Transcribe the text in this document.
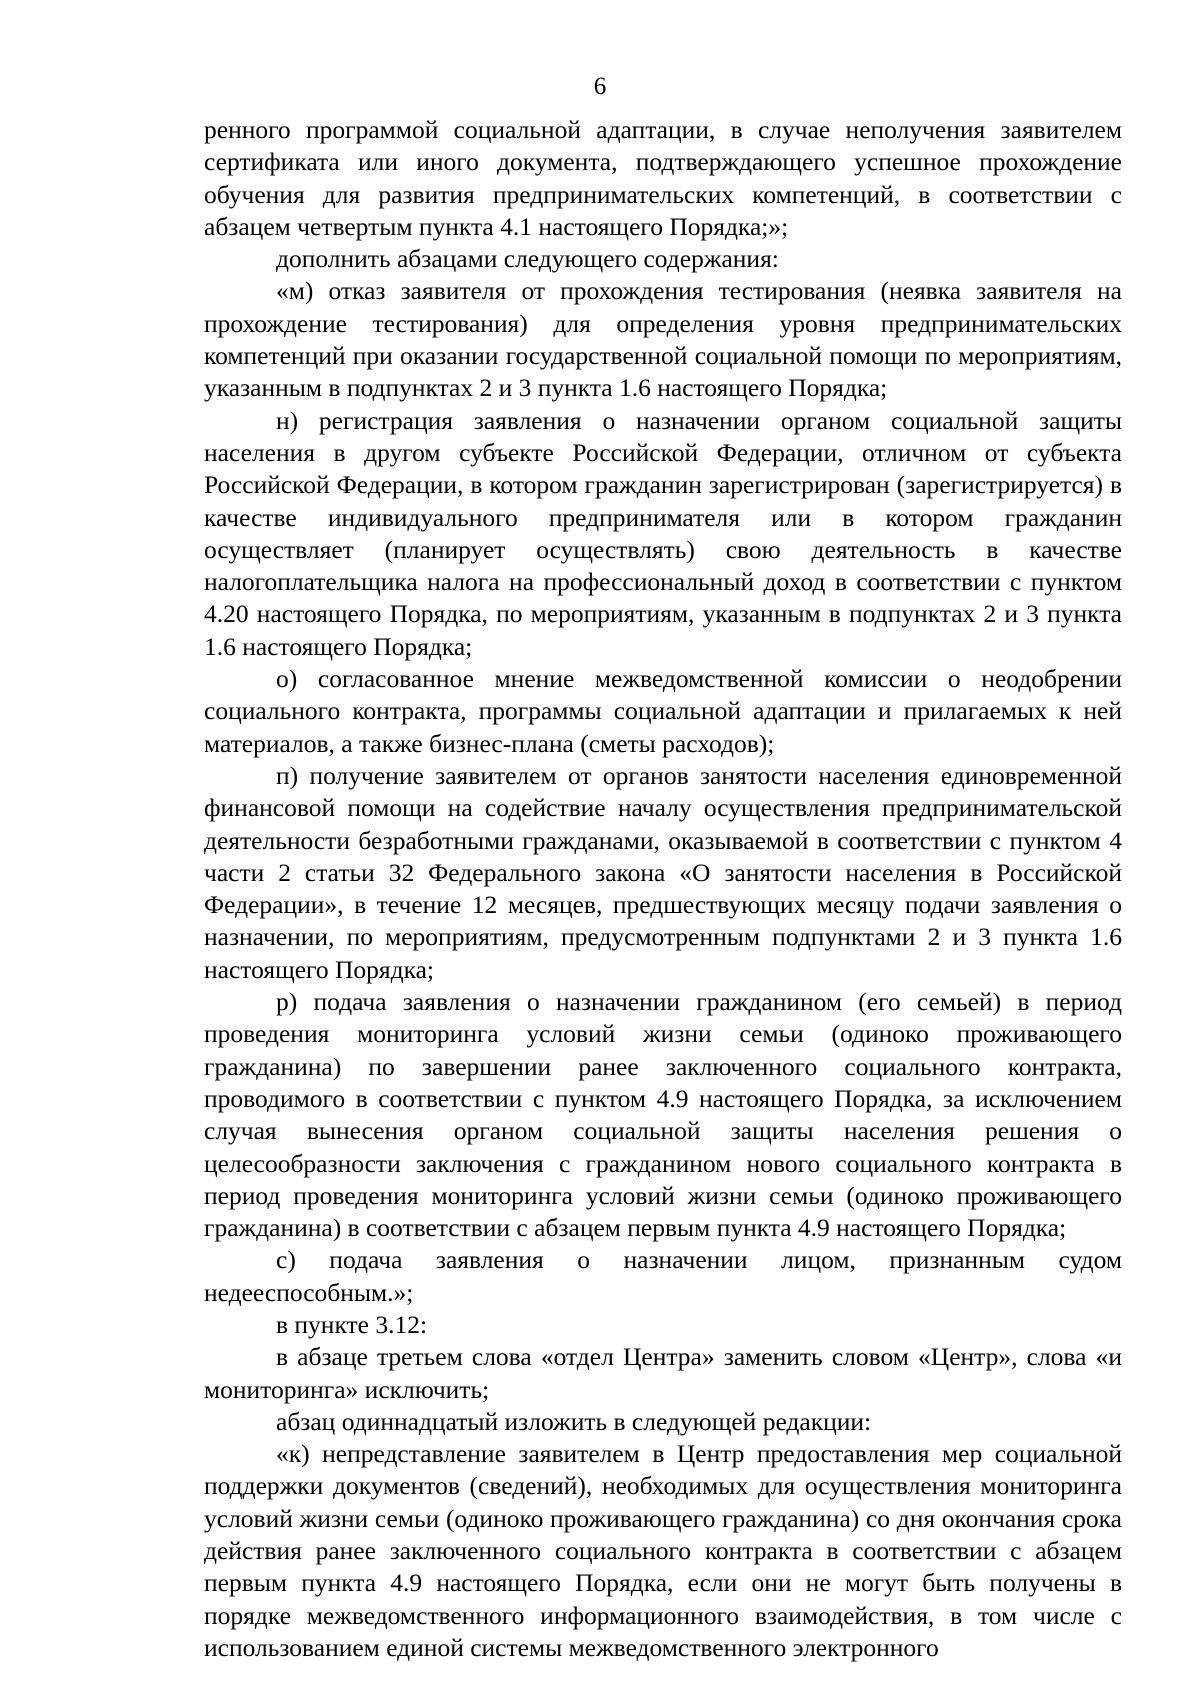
6

ренного программой социальной адаптации, в случае неполучения заявителем сертификата или иного документа, подтверждающего успешное прохождение обучения для развития предпринимательских компетенций, в соответствии с абзацем четвертым пункта 4.1 настоящего Порядка;»;

дополнить абзацами следующего содержания:

«м) отказ заявителя от прохождения тестирования (неявка заявителя на прохождение тестирования) для определения уровня предпринимательских компетенций при оказании государственной социальной помощи по мероприятиям, указанным в подпунктах 2 и 3 пункта 1.6 настоящего Порядка;

н) регистрация заявления о назначении органом социальной защиты населения в другом субъекте Российской Федерации, отличном от субъекта Российской Федерации, в котором гражданин зарегистрирован (зарегистрируется) в качестве индивидуального предпринимателя или в котором гражданин осуществляет (планирует осуществлять) свою деятельность в качестве налогоплательщика налога на профессиональный доход в соответствии с пунктом 4.20 настоящего Порядка, по мероприятиям, указанным в подпунктах 2 и 3 пункта 1.6 настоящего Порядка;

о) согласованное мнение межведомственной комиссии о неодобрении социального контракта, программы социальной адаптации и прилагаемых к ней материалов, а также бизнес-плана (сметы расходов);

п) получение заявителем от органов занятости населения единовременной финансовой помощи на содействие началу осуществления предпринимательской деятельности безработными гражданами, оказываемой в соответствии с пунктом 4 части 2 статьи 32 Федерального закона «О занятости населения в Российской Федерации», в течение 12 месяцев, предшествующих месяцу подачи заявления о назначении, по мероприятиям, предусмотренным подпунктами 2 и 3 пункта 1.6 настоящего Порядка;

р) подача заявления о назначении гражданином (его семьей) в период проведения мониторинга условий жизни семьи (одиноко проживающего гражданина) по завершении ранее заключенного социального контракта, проводимого в соответствии с пунктом 4.9 настоящего Порядка, за исключением случая вынесения органом социальной защиты населения решения о целесообразности заключения с гражданином нового социального контракта в период проведения мониторинга условий жизни семьи (одиноко проживающего гражданина) в соответствии с абзацем первым пункта 4.9 настоящего Порядка;

с) подача заявления о назначении лицом, признанным судом недееспособным.»;

в пункте 3.12:

в абзаце третьем слова «отдел Центра» заменить словом «Центр», слова «и мониторинга» исключить;

абзац одиннадцатый изложить в следующей редакции:

«к) непредставление заявителем в Центр предоставления мер социальной поддержки документов (сведений), необходимых для осуществления мониторинга условий жизни семьи (одиноко проживающего гражданина) со дня окончания срока действия ранее заключенного социального контракта в соответствии с абзацем первым пункта 4.9 настоящего Порядка, если они не могут быть получены в порядке межведомственного информационного взаимодействия, в том числе с использованием единой системы межведомственного электронного
